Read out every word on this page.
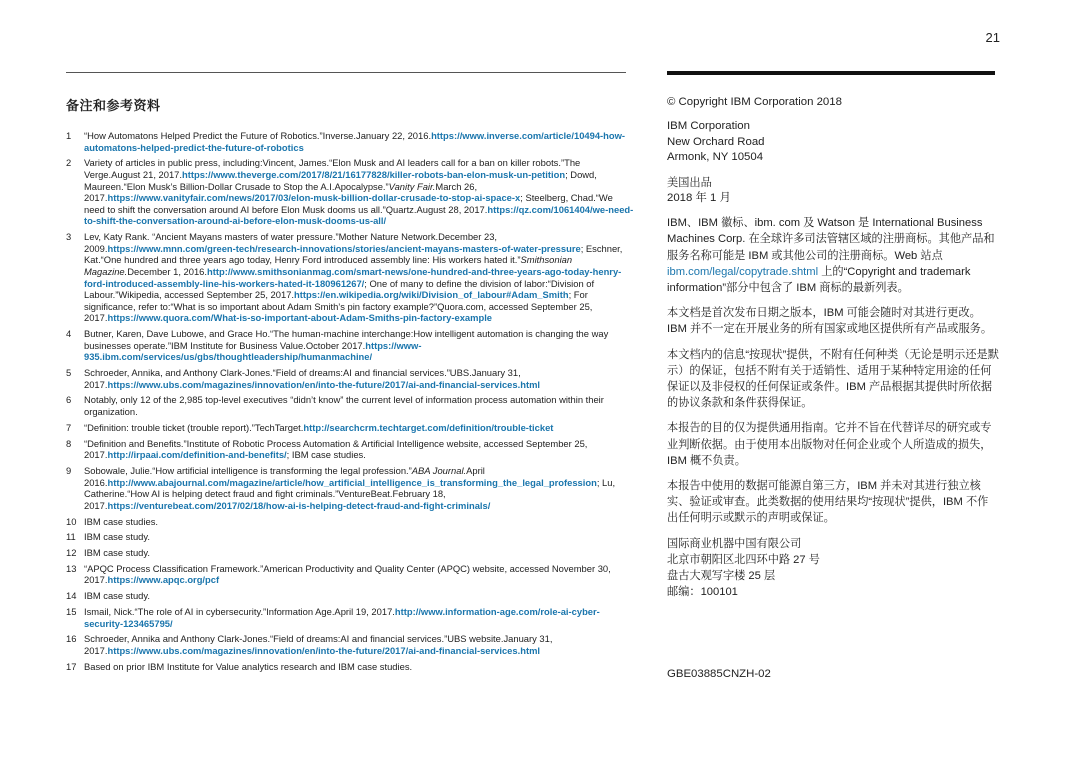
21
备注和参考资料
1 “How Automatons Helped Predict the Future of Robotics.”Inverse.January 22, 2016.https://www.inverse.com/article/10494-how-automatons-helped-predict-the-future-of-robotics
2 Variety of articles in public press, including:Vincent, James.“Elon Musk and AI leaders call for a ban on killer robots.”The Verge.August 21, 2017.https://www.theverge.com/2017/8/21/16177828/killer-robots-ban-elon-musk-un-petition; Dowd, Maureen.“Elon Musk’s Billion-Dollar Crusade to Stop the A.I.Apocalypse.”Vanity Fair.March 26, 2017.https://www.vanityfair.com/news/2017/03/elon-musk-billion-dollar-crusade-to-stop-ai-space-x; Steelberg, Chad.“We need to shift the conversation around AI before Elon Musk dooms us all.”Quartz.August 28, 2017.https://qz.com/1061404/we-need-to-shift-the-conversation-around-ai-before-elon-musk-dooms-us-all/
3 Lev, Katy Rank. “Ancient Mayans masters of water pressure.”Mother Nature Network.December 23, 2009.https://www.mnn.com/green-tech/research-innovations/stories/ancient-mayans-masters-of-water-pressure; Eschner, Kat.“One hundred and three years ago today, Henry Ford introduced assembly line: His workers hated it.”Smithsonian Magazine.December 1, 2016.http://www.smithsonianmag.com/smart-news/one-hundred-and-three-years-ago-today-henry-ford-introduced-assembly-line-his-workers-hated-it-180961267/; One of many to define the division of labor:“Division of Labour.”Wikipedia, accessed September 25, 2017.https://en.wikipedia.org/wiki/Division_of_labour#Adam_Smith; For significance, refer to:“What is so important about Adam Smith’s pin factory example?”Quora.com, accessed September 25, 2017.https://www.quora.com/What-is-so-important-about-Adam-Smiths-pin-factory-example
4 Butner, Karen, Dave Lubowe, and Grace Ho.“The human-machine interchange:How intelligent automation is changing the way businesses operate.”IBM Institute for Business Value.October 2017.https://www-935.ibm.com/services/us/gbs/thoughtleadership/humanmachine/
5 Schroeder, Annika, and Anthony Clark-Jones.“Field of dreams:AI and financial services.”UBS.January 31, 2017.https://www.ubs.com/magazines/innovation/en/into-the-future/2017/ai-and-financial-services.html
6 Notably, only 12 of the 2,985 top-level executives “didn’t know” the current level of information process automation within their organization.
7 “Definition: trouble ticket (trouble report).”TechTarget.http://searchcrm.techtarget.com/definition/trouble-ticket
8 “Definition and Benefits.”Institute of Robotic Process Automation & Artificial Intelligence website, accessed September 25, 2017.http://irpaai.com/definition-and-benefits/; IBM case studies.
9 Sobowale, Julie.“How artificial intelligence is transforming the legal profession.”ABA Journal.April 2016.http://www.abajournal.com/magazine/article/how_artificial_intelligence_is_transforming_the_legal_profession; Lu, Catherine.“How AI is helping detect fraud and fight criminals.”VentureBeat.February 18, 2017.https://venturebeat.com/2017/02/18/how-ai-is-helping-detect-fraud-and-fight-criminals/
10 IBM case studies.
11 IBM case study.
12 IBM case study.
13 “APQC Process Classification Framework.”American Productivity and Quality Center (APQC) website, accessed November 30, 2017.https://www.apqc.org/pcf
14 IBM case study.
15 Ismail, Nick.“The role of AI in cybersecurity.”Information Age.April 19, 2017.http://www.information-age.com/role-ai-cyber-security-123465795/
16 Schroeder, Annika and Anthony Clark-Jones.“Field of dreams:AI and financial services.”UBS website.January 31, 2017.https://www.ubs.com/magazines/innovation/en/into-the-future/2017/ai-and-financial-services.html
17 Based on prior IBM Institute for Value analytics research and IBM case studies.
© Copyright IBM Corporation 2018
IBM Corporation
New Orchard Road
Armonk, NY 10504
美国出品
2018 年 1 月
IBM、IBM 徽标、ibm. com 及 Watson 是 International Business Machines Corp. 在全球许多司法管辖区域的注册商标。其他产品和服务名称可能是 IBM 或其他公司的注册商标。Web 站点 ibm.com/legal/copytrade.shtml 上的“Copyright and trademark information”部分中包含了 IBM 商标的最新列表。
本文档是首次发布日期之版本，IBM 可能会随时对其进行更改。IBM 并不一定在开展业务的所有国家或地区提供所有产品或服务。
本文档内的信息“按现状”提供，不附有任何种类（无论是明示还是默示）的保证，包括不附有关于适销性、适用于某种特定用途的任何保证以及非侵权的任何保证或条件。IBM 产品根据其提供时所依据的协议条款和条件获得保证。
本报告的目的仅为提供通用指南。它并不旨在代替详尽的研究或专业判断依据。由于使用本出版物对任何企业或个人所造成的损失，IBM 概不负责。
本报告中使用的数据可能源自第三方，IBM 并未对其进行独立核实、验证或审查。此类数据的使用结果均“按现状”提供，IBM 不作出任何明示或默示的声明或保证。
国际商业机器中国有限公司
北京市朝阳区北四环中路 27 号
盘古大观写字楼 25 层
邮编：100101
GBE03885CNZH-02
